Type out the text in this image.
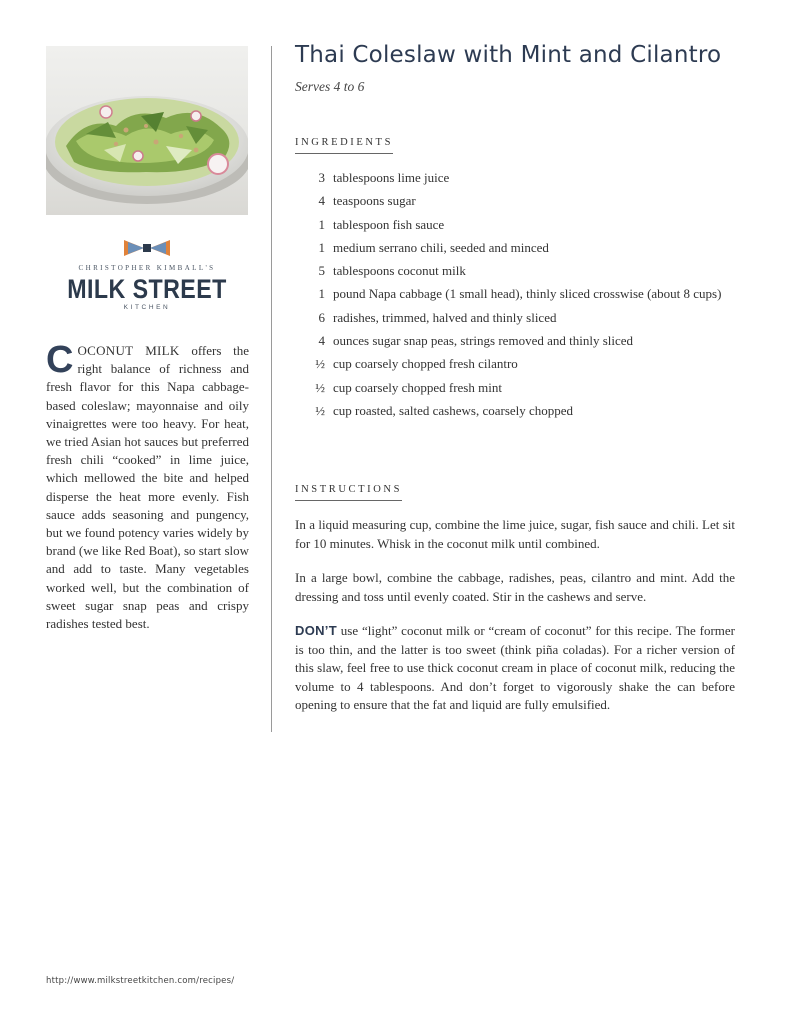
CHRISTOPHER KIMBALL'S
MILK STREET
KITCHEN
COCONUT MILK offers the right balance of richness and fresh flavor for this Napa cabbage-based coleslaw; mayonnaise and oily vinaigrettes were too heavy. For heat, we tried Asian hot sauces but preferred fresh chili “cooked” in lime juice, which mellowed the bite and helped disperse the heat more evenly. Fish sauce adds seasoning and pungency, but we found potency varies widely by brand (we like Red Boat), so start slow and add to taste. Many vegetables worked well, but the combination of sweet sugar snap peas and crispy radishes tested best.
Thai Coleslaw with Mint and Cilantro
Serves 4 to 6
INGREDIENTS
3 tablespoons lime juice
4 teaspoons sugar
1 tablespoon fish sauce
1 medium serrano chili, seeded and minced
5 tablespoons coconut milk
1 pound Napa cabbage (1 small head), thinly sliced crosswise (about 8 cups)
6 radishes, trimmed, halved and thinly sliced
4 ounces sugar snap peas, strings removed and thinly sliced
½ cup coarsely chopped fresh cilantro
½ cup coarsely chopped fresh mint
½ cup roasted, salted cashews, coarsely chopped
INSTRUCTIONS

In a liquid measuring cup, combine the lime juice, sugar, fish sauce and chili. Let sit for 10 minutes. Whisk in the coconut milk until combined.

In a large bowl, combine the cabbage, radishes, peas, cilantro and mint. Add the dressing and toss until evenly coated. Stir in the cashews and serve.

DON’T use “light” coconut milk or “cream of coconut” for this recipe. The former is too thin, and the latter is too sweet (think piña coladas). For a richer version of this slaw, feel free to use thick coconut cream in place of coconut milk, reducing the volume to 4 tablespoons. And don’t forget to vigorously shake the can before opening to ensure that the fat and liquid are fully emulsified.

http://www.milkstreetkitchen.com/recipes/
